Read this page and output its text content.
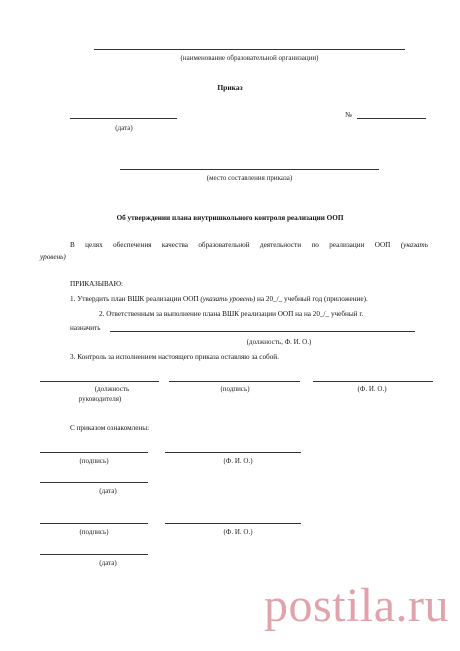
(наименование образовательной организации)
Приказ
(дата)
№
(место составления приказа)
Об утверждении плана внутришкольного контроля реализации ООП
В целях обеспечения качества образовательной деятельности по реализации ООП (указать
уровень)
ПРИКАЗЫВАЮ:
1. Утвердить план ВШК реализации ООП (указать уровень) на 20_/_ учебный год (приложение).
2. Ответственным за выполнение плана ВШК реализации ООП на на 20_/_ учебный г.
назначить
(должность, Ф. И. О.)
3. Контроль за исполнением настоящего приказа оставляю за собой.
(должность
руководителя)
(подпись)	(Ф. И. О.)
С приказом ознакомлены:
(подпись)	(Ф. И. О.)
(дата)
(подпись)	(Ф. И. О.)
(дата)
postila.ru
